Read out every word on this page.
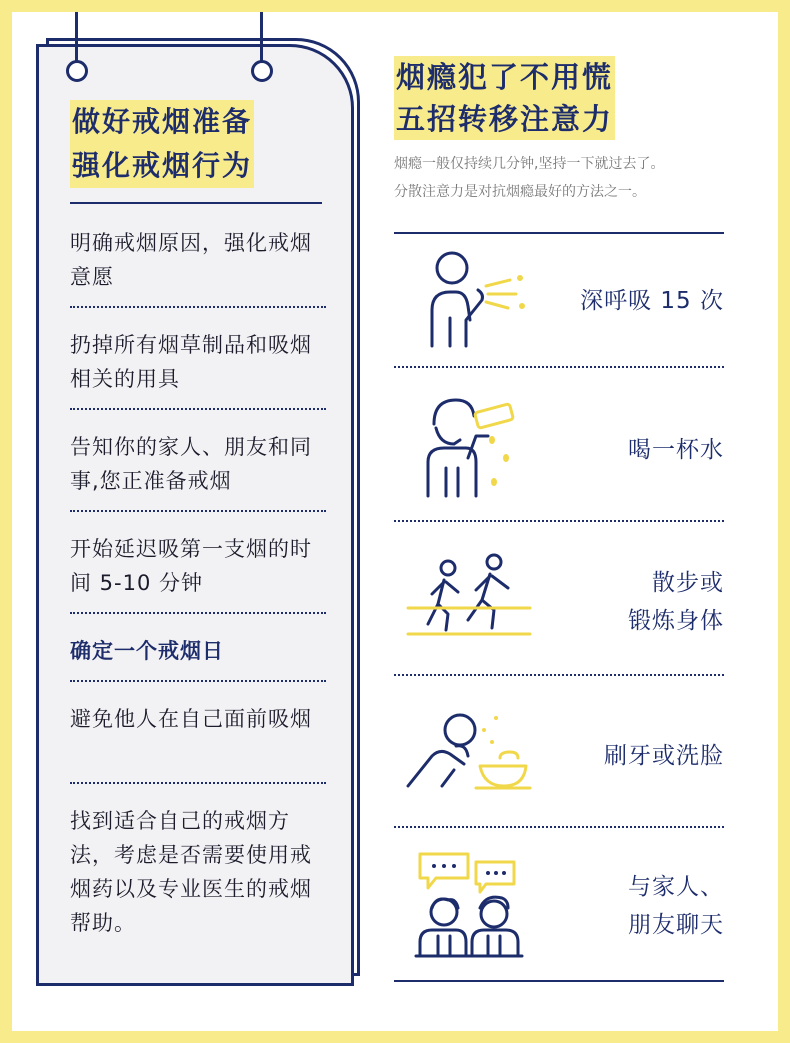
做好戒烟准备
强化戒烟行为
明确戒烟原因，强化戒烟意愿
扔掉所有烟草制品和吸烟相关的用具
告知你的家人、朋友和同事,您正准备戒烟
开始延迟吸第一支烟的时间 5-10 分钟
确定一个戒烟日
避免他人在自己面前吸烟
找到适合自己的戒烟方法，考虑是否需要使用戒烟药以及专业医生的戒烟帮助。
烟瘾犯了不用慌
五招转移注意力
烟瘾一般仅持续几分钟,坚持一下就过去了。
分散注意力是对抗烟瘾最好的方法之一。
深呼吸 15 次
喝一杯水
散步或
锻炼身体
刷牙或洗脸
与家人、
朋友聊天
